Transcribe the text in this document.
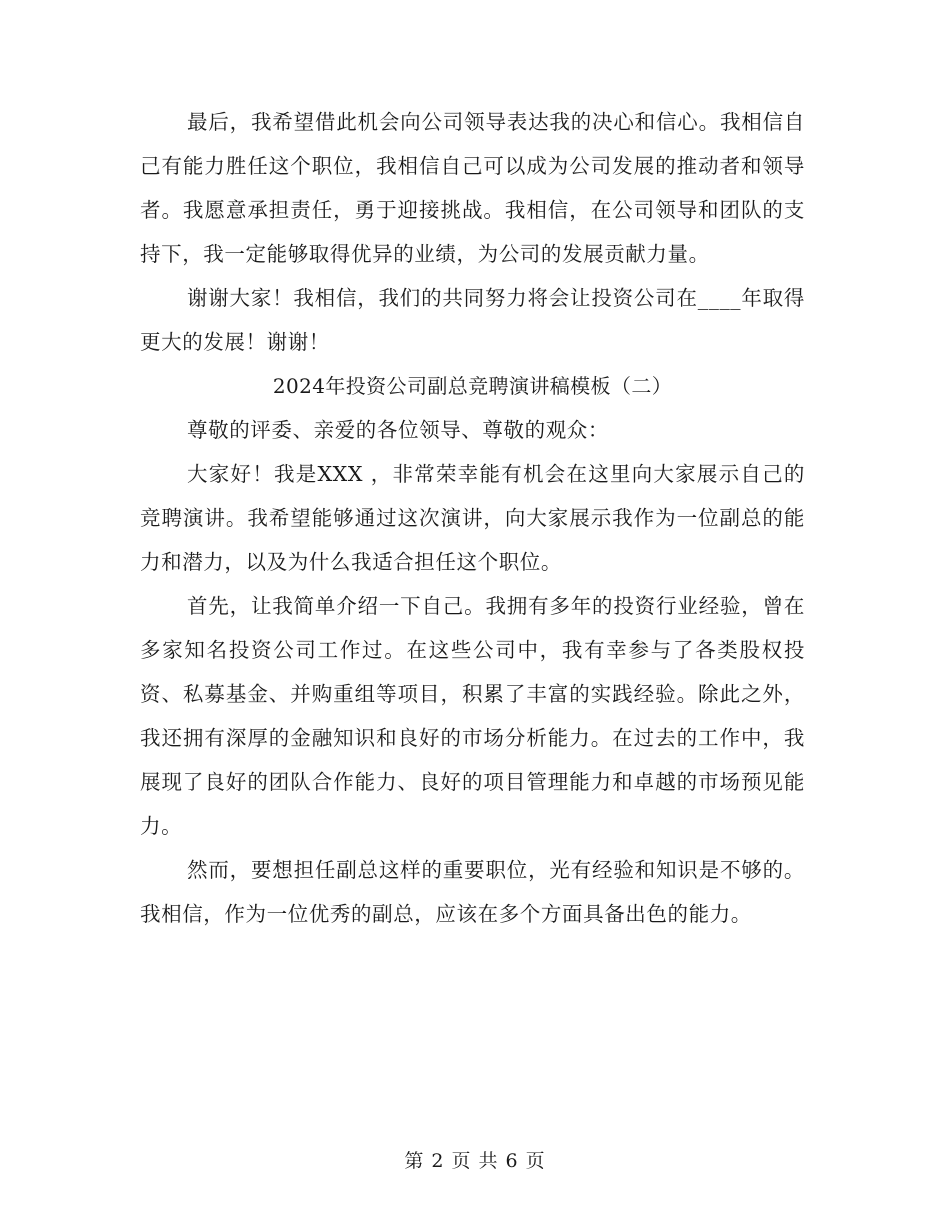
最后，我希望借此机会向公司领导表达我的决心和信心。我相信自己有能力胜任这个职位，我相信自己可以成为公司发展的推动者和领导者。我愿意承担责任，勇于迎接挑战。我相信，在公司领导和团队的支持下，我一定能够取得优异的业绩，为公司的发展贡献力量。

谢谢大家！我相信，我们的共同努力将会让投资公司在____年取得更大的发展！谢谢！

2024年投资公司副总竞聘演讲稿模板（二）

尊敬的评委、亲爱的各位领导、尊敬的观众：

大家好！我是XXX ，非常荣幸能有机会在这里向大家展示自己的竞聘演讲。我希望能够通过这次演讲，向大家展示我作为一位副总的能力和潜力，以及为什么我适合担任这个职位。

首先，让我简单介绍一下自己。我拥有多年的投资行业经验，曾在多家知名投资公司工作过。在这些公司中，我有幸参与了各类股权投资、私募基金、并购重组等项目，积累了丰富的实践经验。除此之外，我还拥有深厚的金融知识和良好的市场分析能力。在过去的工作中，我展现了良好的团队合作能力、良好的项目管理能力和卓越的市场预见能力。

然而，要想担任副总这样的重要职位，光有经验和知识是不够的。我相信，作为一位优秀的副总，应该在多个方面具备出色的能力。

第 2 页 共 6 页
